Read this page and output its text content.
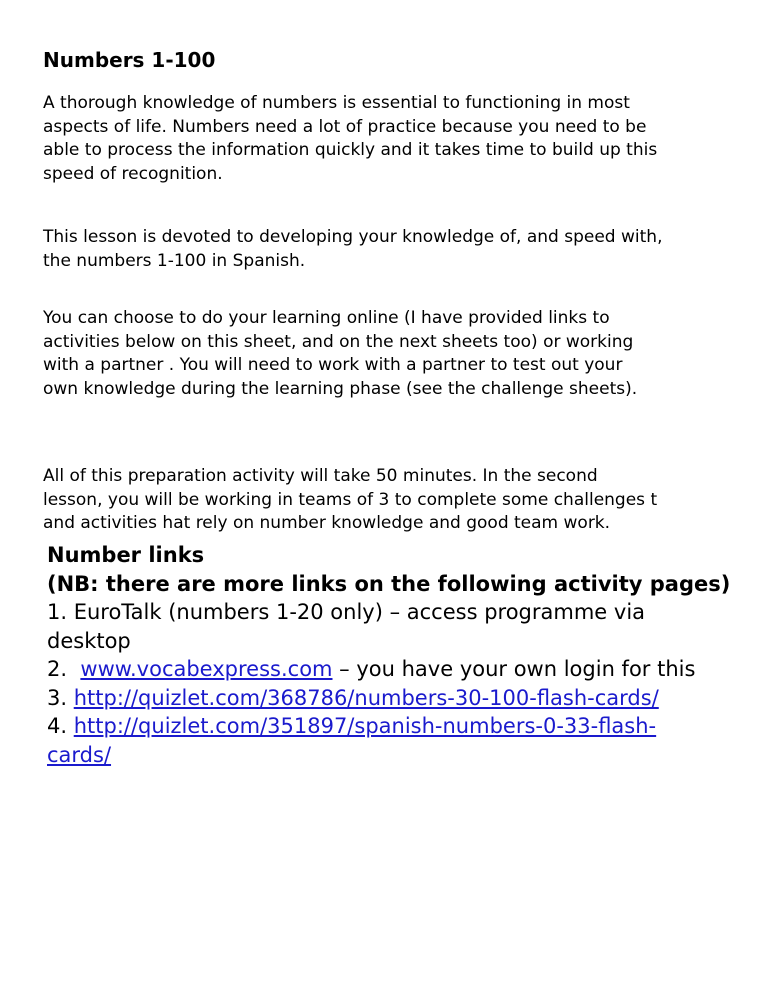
Numbers 1-100

A thorough knowledge of numbers is essential to functioning in most
aspects of life. Numbers need a lot of practice because you need to be
able to process the information quickly and it takes time to build up this
speed of recognition.

This lesson is devoted to developing your knowledge of, and speed with,
the numbers 1-100 in Spanish.

You can choose to do your learning online (I have provided links to
activities below on this sheet, and on the next sheets too) or working
with a partner . You will need to work with a partner to test out your
own knowledge during the learning phase (see the challenge sheets).

All of this preparation activity will take 50 minutes. In the second
lesson, you will be working in teams of 3 to complete some challenges t
and activities hat rely on number knowledge and good team work.

Number links
(NB: there are more links on the following activity pages)
1. EuroTalk (numbers 1-20 only) – access programme via
desktop
2.  www.vocabexpress.com – you have your own login for this
3. http://quizlet.com/368786/numbers-30-100-flash-cards/
4. http://quizlet.com/351897/spanish-numbers-0-33-flash-
cards/
